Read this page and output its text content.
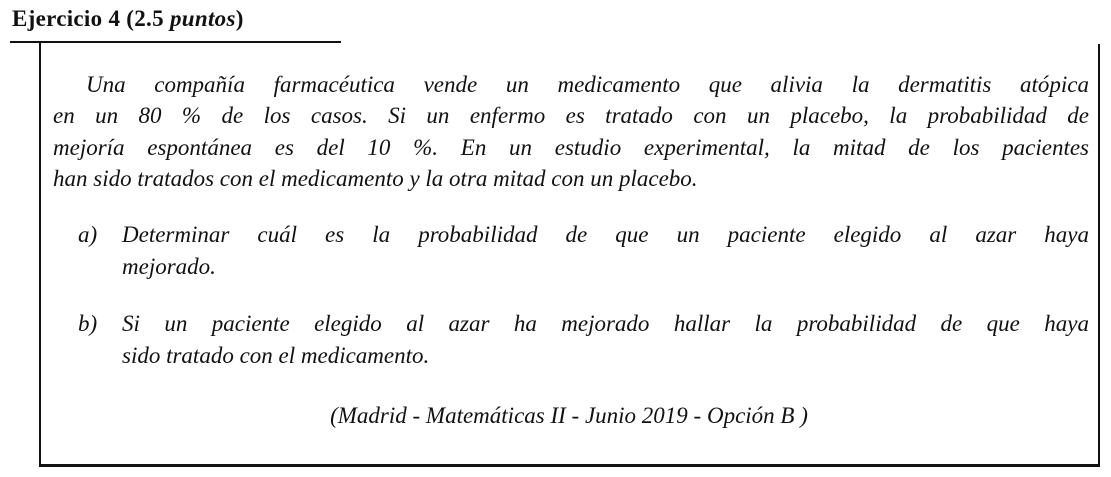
Ejercicio 4 (2.5 puntos)
Una compañía farmacéutica vende un medicamento que alivia la dermatitis atópica
en un 80 % de los casos. Si un enfermo es tratado con un placebo, la probabilidad de
mejoría espontánea es del 10 %. En un estudio experimental, la mitad de los pacientes
han sido tratados con el medicamento y la otra mitad con un placebo.
a) Determinar cuál es la probabilidad de que un paciente elegido al azar haya
mejorado.
b) Si un paciente elegido al azar ha mejorado hallar la probabilidad de que haya
sido tratado con el medicamento.
(Madrid - Matemáticas II - Junio 2019 - Opción B )
